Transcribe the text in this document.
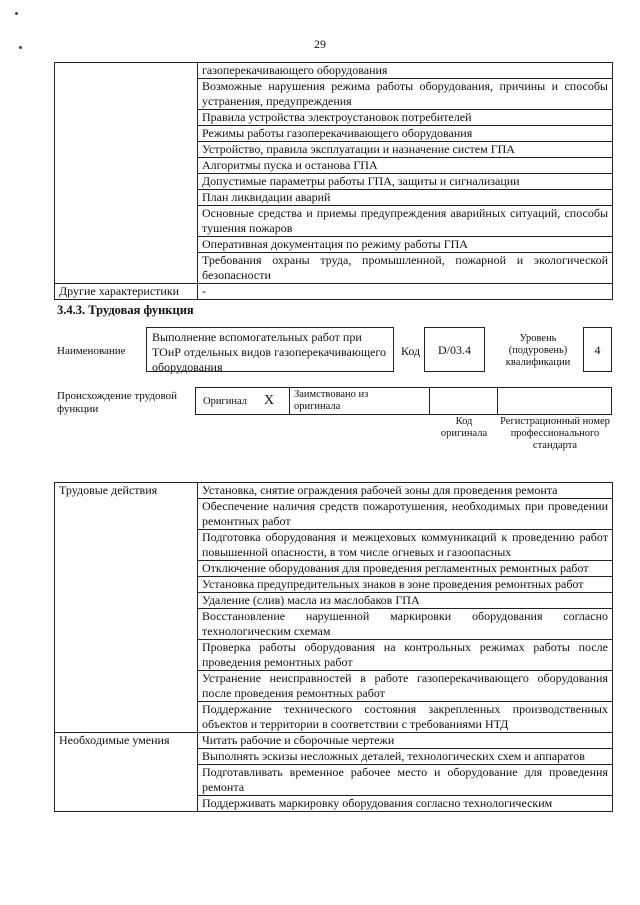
29
	газоперекачивающего оборудования
	Возможные нарушения режима работы оборудования, причины и способы устранения, предупреждения
	Правила устройства электроустановок потребителей
	Режимы работы газоперекачивающего оборудования
	Устройство, правила эксплуатации и назначение систем ГПА
	Алгоритмы пуска и останова ГПА
	Допустимые параметры работы ГПА, защиты и сигнализации
	План ликвидации аварий
	Основные средства и приемы предупреждения аварийных ситуаций, способы тушения пожаров
	Оперативная документация по режиму работы ГПА
	Требования охраны труда, промышленной, пожарной и экологической безопасности
Другие характеристики	-
3.4.3. Трудовая функция
Наименование
Выполнение вспомогательных работ при ТОиР отдельных видов газоперекачивающего оборудования
Код	D/03.4
Уровень (подуровень) квалификации
4
Происхождение трудовой функции
Оригинал X Заимствовано из оригинала
Код оригинала
Регистрационный номер профессионального стандарта
Трудовые действия	Установка, снятие ограждения рабочей зоны для проведения ремонта
	Обеспечение наличия средств пожаротушения, необходимых при проведении ремонтных работ
	Подготовка оборудования и межцеховых коммуникаций к проведению работ повышенной опасности, в том числе огневых и газоопасных
	Отключение оборудования для проведения регламентных ремонтных работ
	Установка предупредительных знаков в зоне проведения ремонтных работ
	Удаление (слив) масла из маслобаков ГПА
	Восстановление нарушенной маркировки оборудования согласно технологическим схемам
	Проверка работы оборудования на контрольных режимах работы после проведения ремонтных работ
	Устранение неисправностей в работе газоперекачивающего оборудования после проведения ремонтных работ
	Поддержание технического состояния закрепленных производственных объектов и территории в соответствии с требованиями НТД
Необходимые умения	Читать рабочие и сборочные чертежи
	Выполнять эскизы несложных деталей, технологических схем и аппаратов
	Подготавливать временное рабочее место и оборудование для проведения ремонта
	Поддерживать маркировку оборудования согласно технологическим
